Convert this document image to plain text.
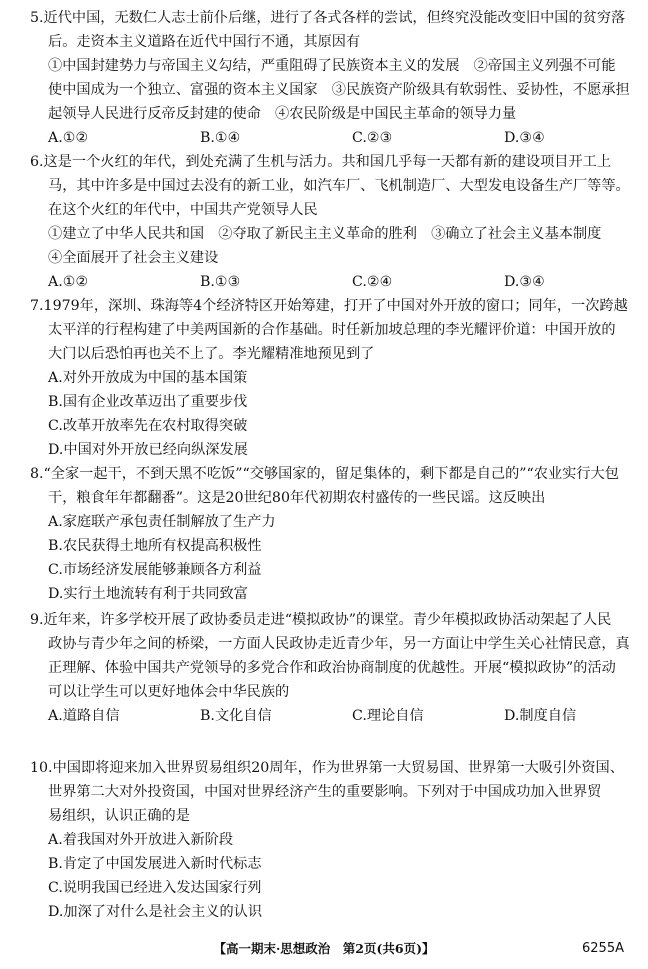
5.近代中国，无数仁人志士前仆后继，进行了各式各样的尝试，但终究没能改变旧中国的贫穷落
后。走资本主义道路在近代中国行不通，其原因有
①中国封建势力与帝国主义勾结，严重阻碍了民族资本主义的发展　②帝国主义列强不可能
使中国成为一个独立、富强的资本主义国家　③民族资产阶级具有软弱性、妥协性，不愿承担
起领导人民进行反帝反封建的使命　④农民阶级是中国民主革命的领导力量
A.①②	B.①④	C.②③	D.③④
6.这是一个火红的年代，到处充满了生机与活力。共和国几乎每一天都有新的建设项目开工上
马，其中许多是中国过去没有的新工业，如汽车厂、飞机制造厂、大型发电设备生产厂等等。
在这个火红的年代中，中国共产党领导人民
①建立了中华人民共和国　②夺取了新民主主义革命的胜利　③确立了社会主义基本制度
④全面展开了社会主义建设
A.①②	B.①③	C.②④	D.③④
7.1979年，深圳、珠海等4个经济特区开始筹建，打开了中国对外开放的窗口；同年，一次跨越
太平洋的行程构建了中美两国新的合作基础。时任新加坡总理的李光耀评价道：中国开放的
大门以后恐怕再也关不上了。李光耀精准地预见到了
A.对外开放成为中国的基本国策
B.国有企业改革迈出了重要步伐
C.改革开放率先在农村取得突破
D.中国对外开放已经向纵深发展
8.“全家一起干，不到天黑不吃饭”“交够国家的，留足集体的，剩下都是自己的”“农业实行大包
干，粮食年年都翻番”。这是20世纪80年代初期农村盛传的一些民谣。这反映出
A.家庭联产承包责任制解放了生产力
B.农民获得土地所有权提高积极性
C.市场经济发展能够兼顾各方利益
D.实行土地流转有利于共同致富
9.近年来，许多学校开展了政协委员走进“模拟政协”的课堂。青少年模拟政协活动架起了人民
政协与青少年之间的桥梁，一方面人民政协走近青少年，另一方面让中学生关心社情民意，真
正理解、体验中国共产党领导的多党合作和政治协商制度的优越性。开展“模拟政协”的活动
可以让学生可以更好地体会中华民族的
A.道路自信	B.文化自信	C.理论自信	D.制度自信
10.中国即将迎来加入世界贸易组织20周年，作为世界第一大贸易国、世界第一大吸引外资国、
世界第二大对外投资国，中国对世界经济产生的重要影响。下列对于中国成功加入世界贸
易组织，认识正确的是
A.着我国对外开放进入新阶段
B.肯定了中国发展进入新时代标志
C.说明我国已经进入发达国家行列
D.加深了对什么是社会主义的认识
【高一期末·思想政治　第2页(共6页)】	6255A
